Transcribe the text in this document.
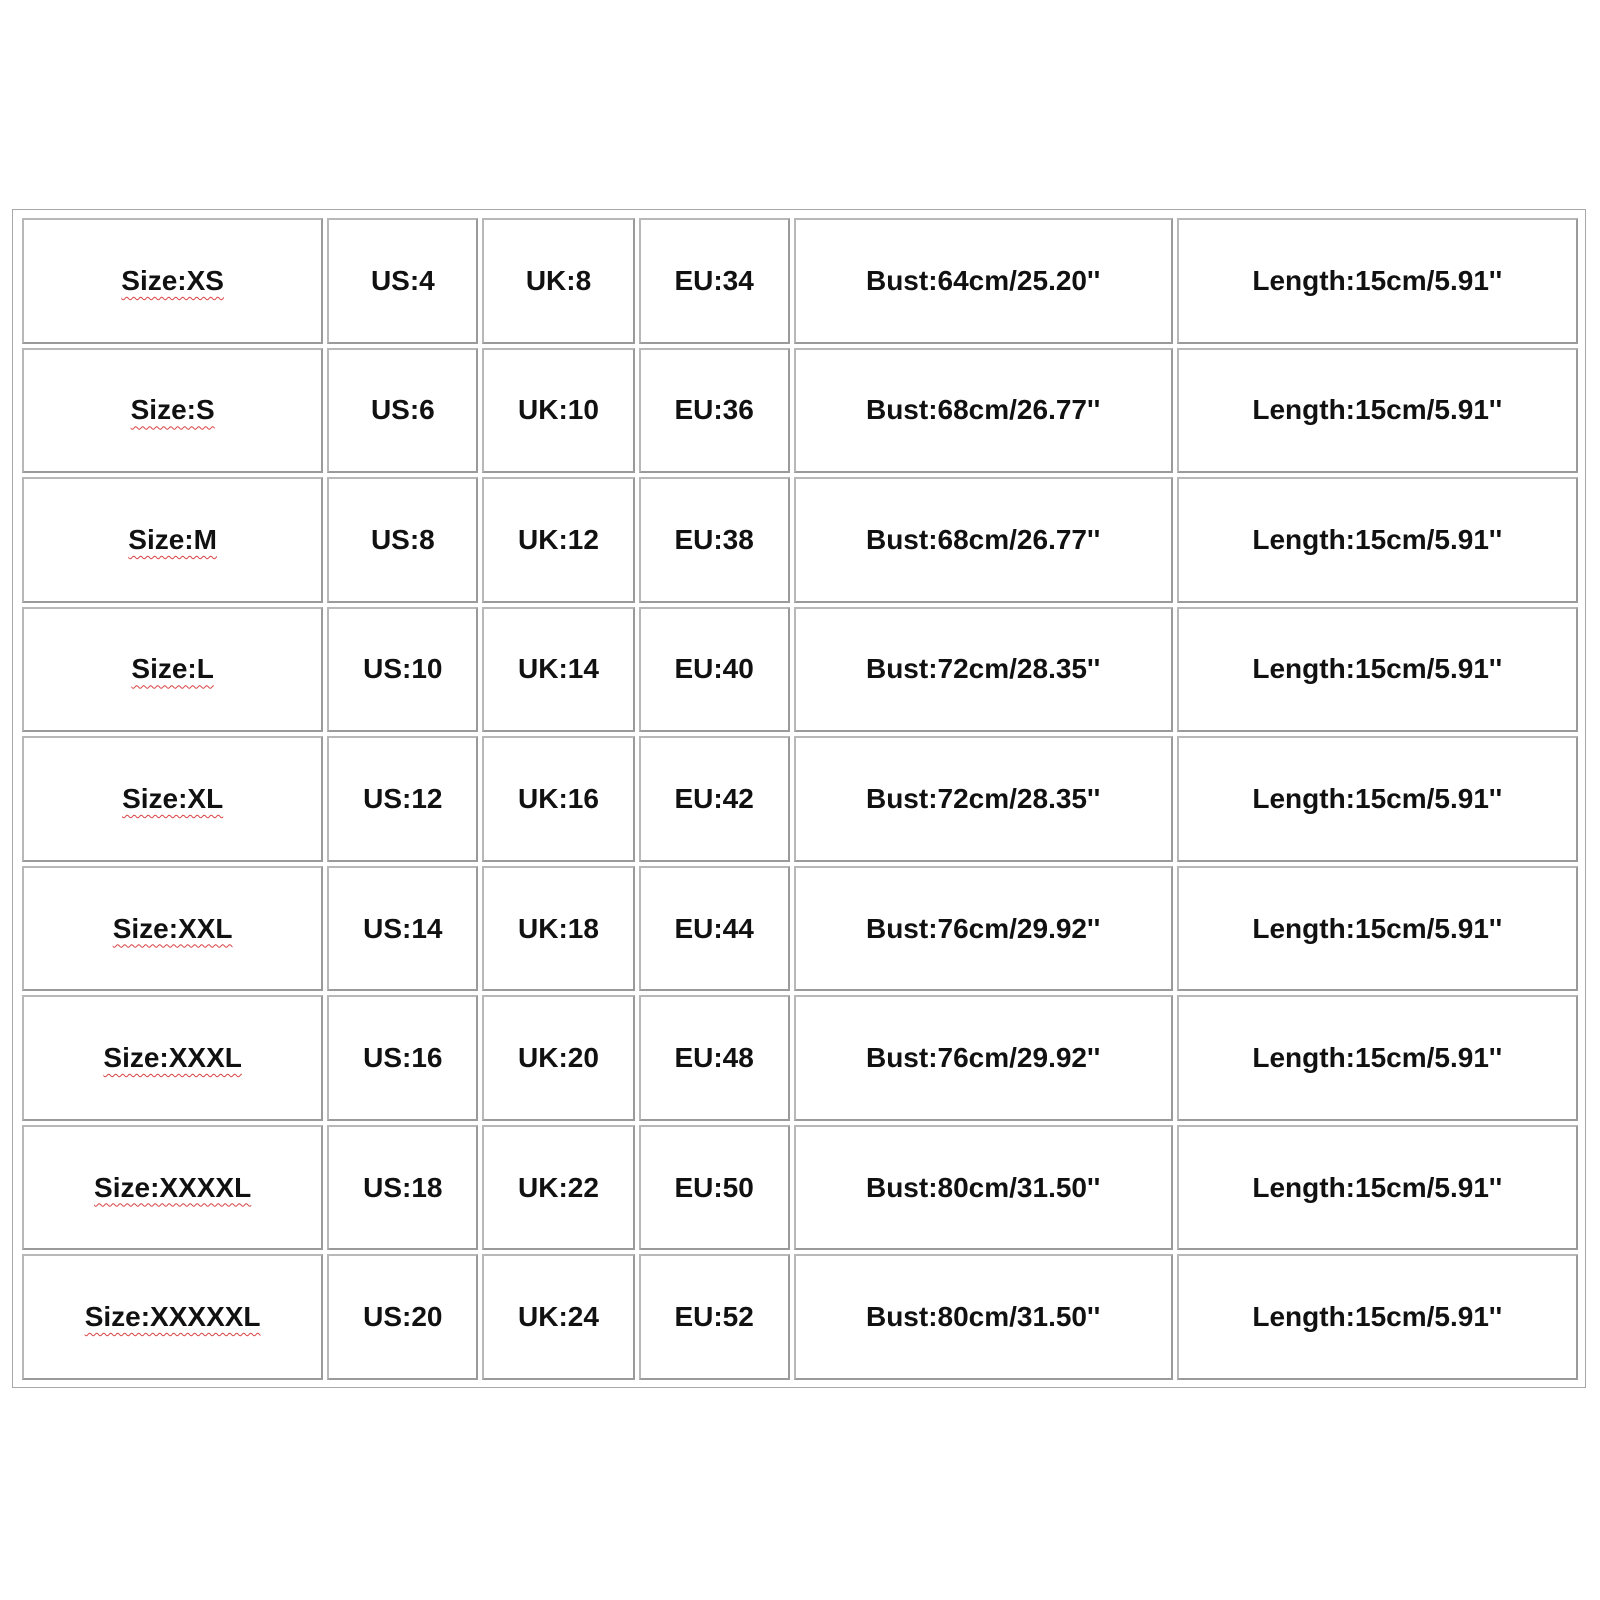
Size:XS	US:4	UK:8	EU:34	Bust:64cm/25.20''	Length:15cm/5.91''
Size:S	US:6	UK:10	EU:36	Bust:68cm/26.77''	Length:15cm/5.91''
Size:M	US:8	UK:12	EU:38	Bust:68cm/26.77''	Length:15cm/5.91''
Size:L	US:10	UK:14	EU:40	Bust:72cm/28.35''	Length:15cm/5.91''
Size:XL	US:12	UK:16	EU:42	Bust:72cm/28.35''	Length:15cm/5.91''
Size:XXL	US:14	UK:18	EU:44	Bust:76cm/29.92''	Length:15cm/5.91''
Size:XXXL	US:16	UK:20	EU:48	Bust:76cm/29.92''	Length:15cm/5.91''
Size:XXXXL	US:18	UK:22	EU:50	Bust:80cm/31.50''	Length:15cm/5.91''
Size:XXXXXL	US:20	UK:24	EU:52	Bust:80cm/31.50''	Length:15cm/5.91''
